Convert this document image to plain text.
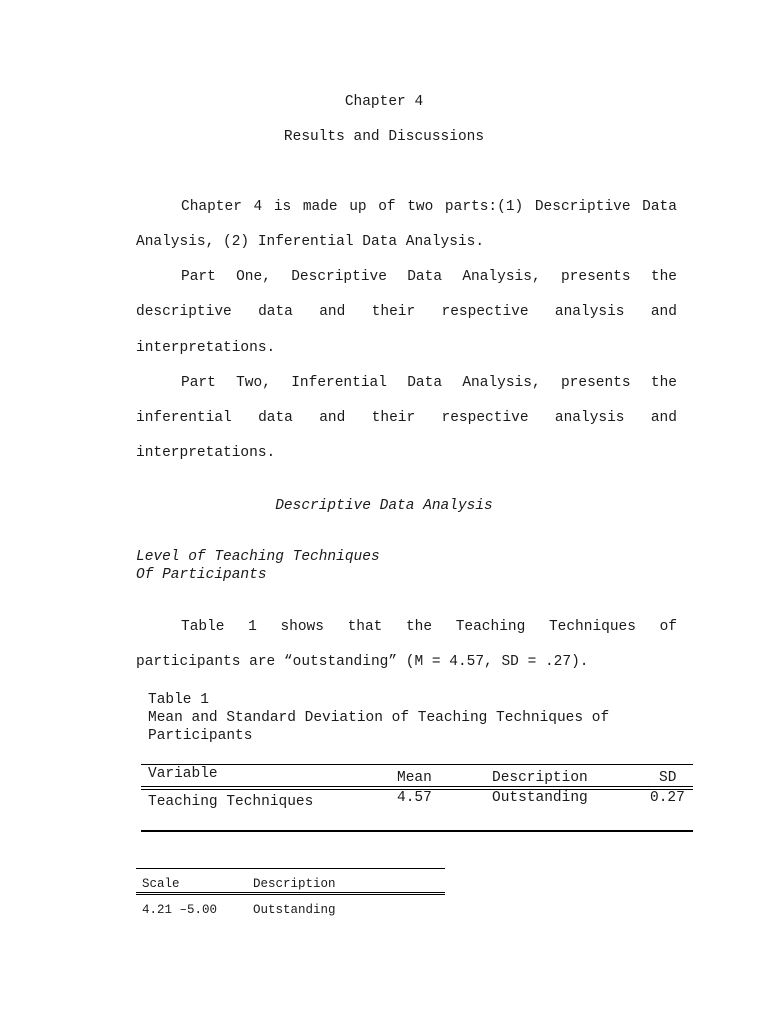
Chapter 4
Results and Discussions
Chapter 4 is made up of two parts:(1) Descriptive Data
Analysis, (2) Inferential Data Analysis.
Part One, Descriptive Data Analysis, presents the
descriptive data and their respective analysis and
interpretations.
Part Two, Inferential Data Analysis, presents the
inferential data and their respective analysis and
interpretations.
Descriptive Data Analysis
Level of Teaching Techniques
Of Participants
Table 1 shows that the Teaching Techniques of
participants are “outstanding” (M = 4.57, SD = .27).
Table 1
Mean and Standard Deviation of Teaching Techniques of
Participants
Variable	Mean	Description	SD
Teaching Techniques	4.57	Outstanding	0.27
Scale	Description
4.21 –5.00	Outstanding
